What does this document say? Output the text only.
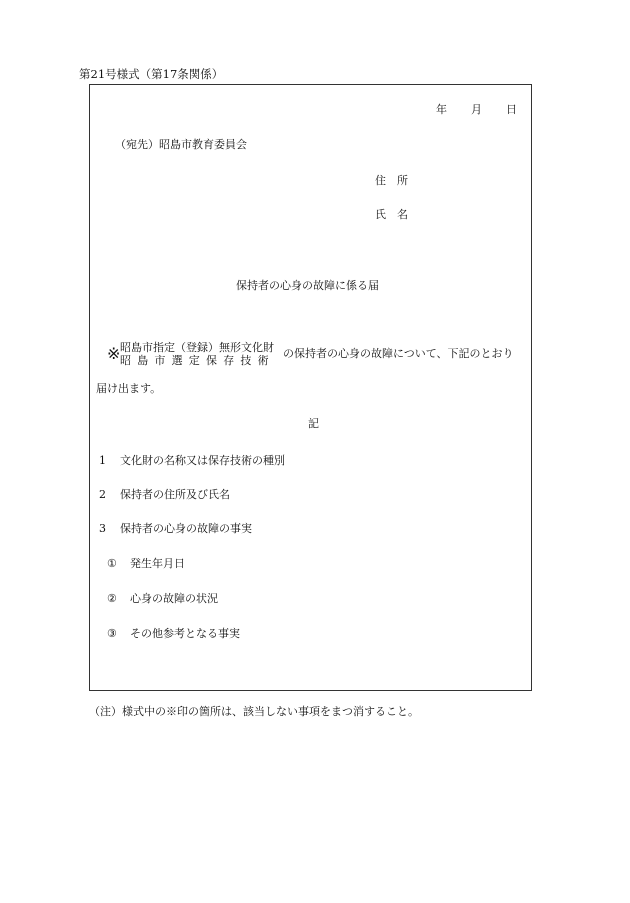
第21号様式（第17条関係）
年 月 日
（宛先）昭島市教育委員会
住　所
氏　名
保持者の心身の故障に係る届
※ 昭島市指定（登録）無形文化財
昭島市選定保存技術
の保持者の心身の故障について、下記のとおり
届け出ます。
記
1 文化財の名称又は保存技術の種別
2 保持者の住所及び氏名
3 保持者の心身の故障の事実
① 発生年月日
② 心身の故障の状況
③ その他参考となる事実
（注）様式中の※印の箇所は、該当しない事項をまつ消すること。
